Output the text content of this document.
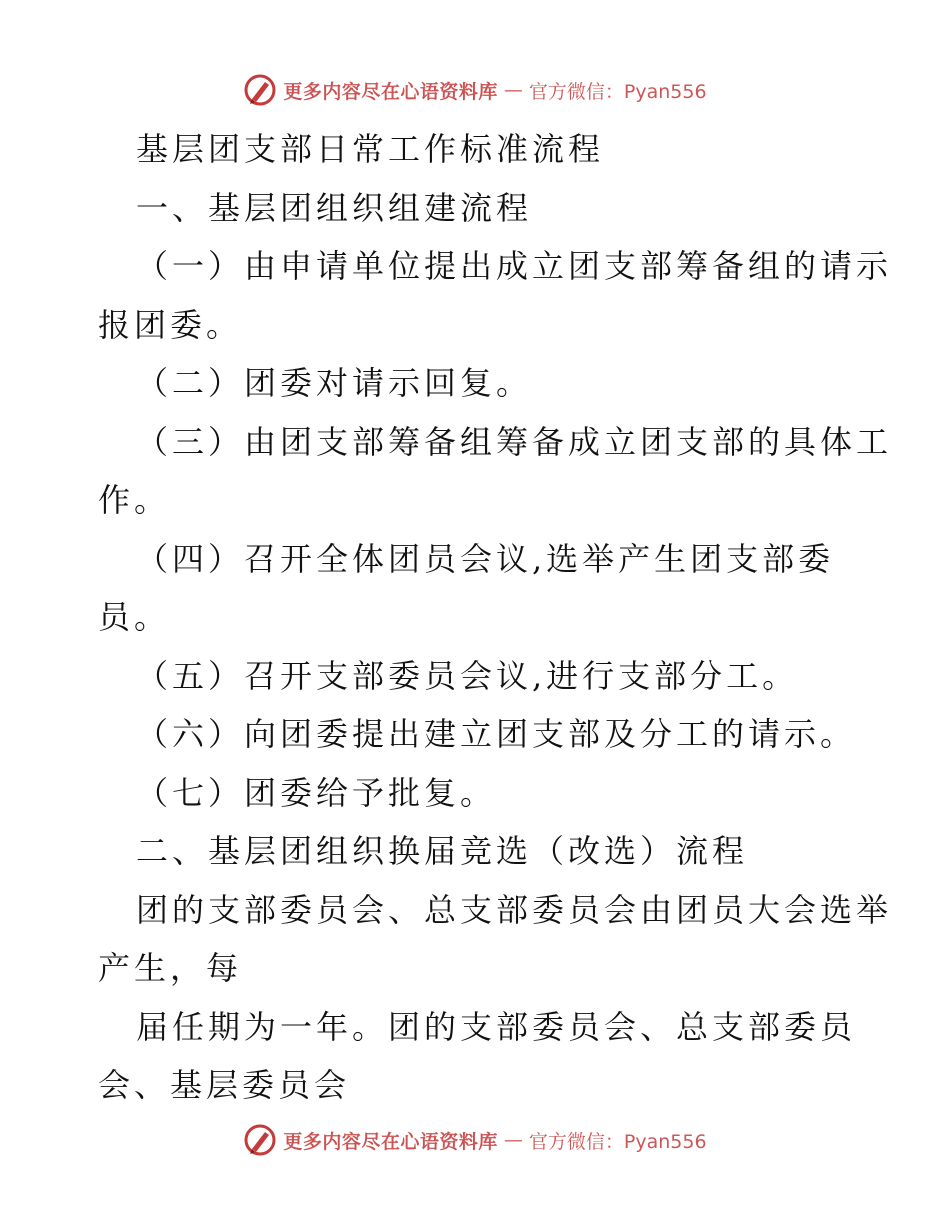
更多内容尽在心语资料库 — 官方微信：Pyan556
基层团支部日常工作标准流程
一、基层团组织组建流程
（一）由申请单位提出成立团支部筹备组的请示
报团委。
（二）团委对请示回复。
（三）由团支部筹备组筹备成立团支部的具体工
作。
（四）召开全体团员会议,选举产生团支部委
员。
（五）召开支部委员会议,进行支部分工。
（六）向团委提出建立团支部及分工的请示。
（七）团委给予批复。
二、基层团组织换届竞选（改选）流程
团的支部委员会、总支部委员会由团员大会选举
产生，每
届任期为一年。团的支部委员会、总支部委员
会、基层委员会
更多内容尽在心语资料库 — 官方微信：Pyan556
